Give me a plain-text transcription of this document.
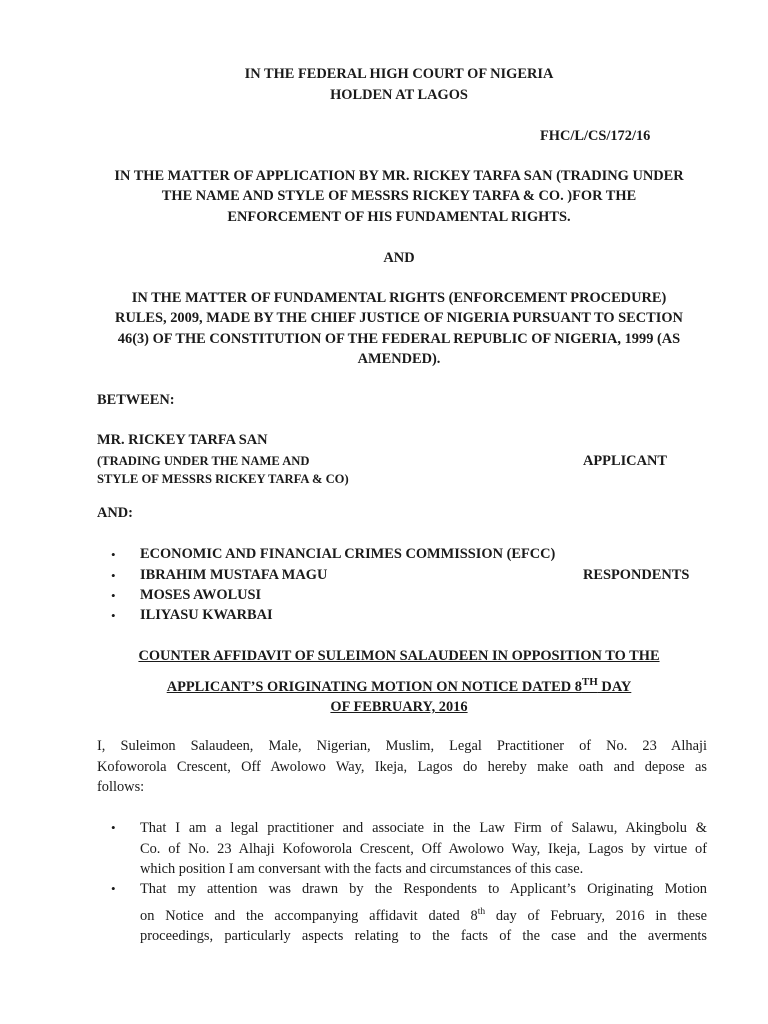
IN THE FEDERAL HIGH COURT OF NIGERIA
HOLDEN AT LAGOS
FHC/L/CS/172/16
IN THE MATTER OF APPLICATION BY MR. RICKEY TARFA SAN (TRADING UNDER
THE NAME AND STYLE OF MESSRS RICKEY TARFA & CO. )FOR THE
ENFORCEMENT OF HIS FUNDAMENTAL RIGHTS.
AND
IN THE MATTER OF FUNDAMENTAL RIGHTS (ENFORCEMENT PROCEDURE)
RULES, 2009, MADE BY THE CHIEF JUSTICE OF NIGERIA PURSUANT TO SECTION
46(3) OF THE CONSTITUTION OF THE FEDERAL REPUBLIC OF NIGERIA, 1999 (AS
AMENDED).
BETWEEN:
MR. RICKEY TARFA SAN
(TRADING UNDER THE NAME AND
STYLE OF MESSRS RICKEY TARFA & CO)
APPLICANT
AND:
• ECONOMIC AND FINANCIAL CRIMES COMMISSION (EFCC)
• IBRAHIM MUSTAFA MAGU
• MOSES AWOLUSI
• ILIYASU KWARBAI
RESPONDENTS
COUNTER AFFIDAVIT OF SULEIMON SALAUDEEN IN OPPOSITION TO THE
APPLICANT’S ORIGINATING MOTION ON NOTICE DATED 8TH DAY
OF FEBRUARY, 2016
I, Suleimon Salaudeen, Male, Nigerian, Muslim, Legal Practitioner of No. 23 Alhaji
Kofoworola Crescent, Off Awolowo Way, Ikeja, Lagos do hereby make oath and depose as
follows:
• That I am a legal practitioner and associate in the Law Firm of Salawu, Akingbolu &
Co. of No. 23 Alhaji Kofoworola Crescent, Off Awolowo Way, Ikeja, Lagos by virtue of
which position I am conversant with the facts and circumstances of this case.
• That my attention was drawn by the Respondents to Applicant’s Originating Motion
on Notice and the accompanying affidavit dated 8th day of February, 2016 in these
proceedings, particularly aspects relating to the facts of the case and the averments
